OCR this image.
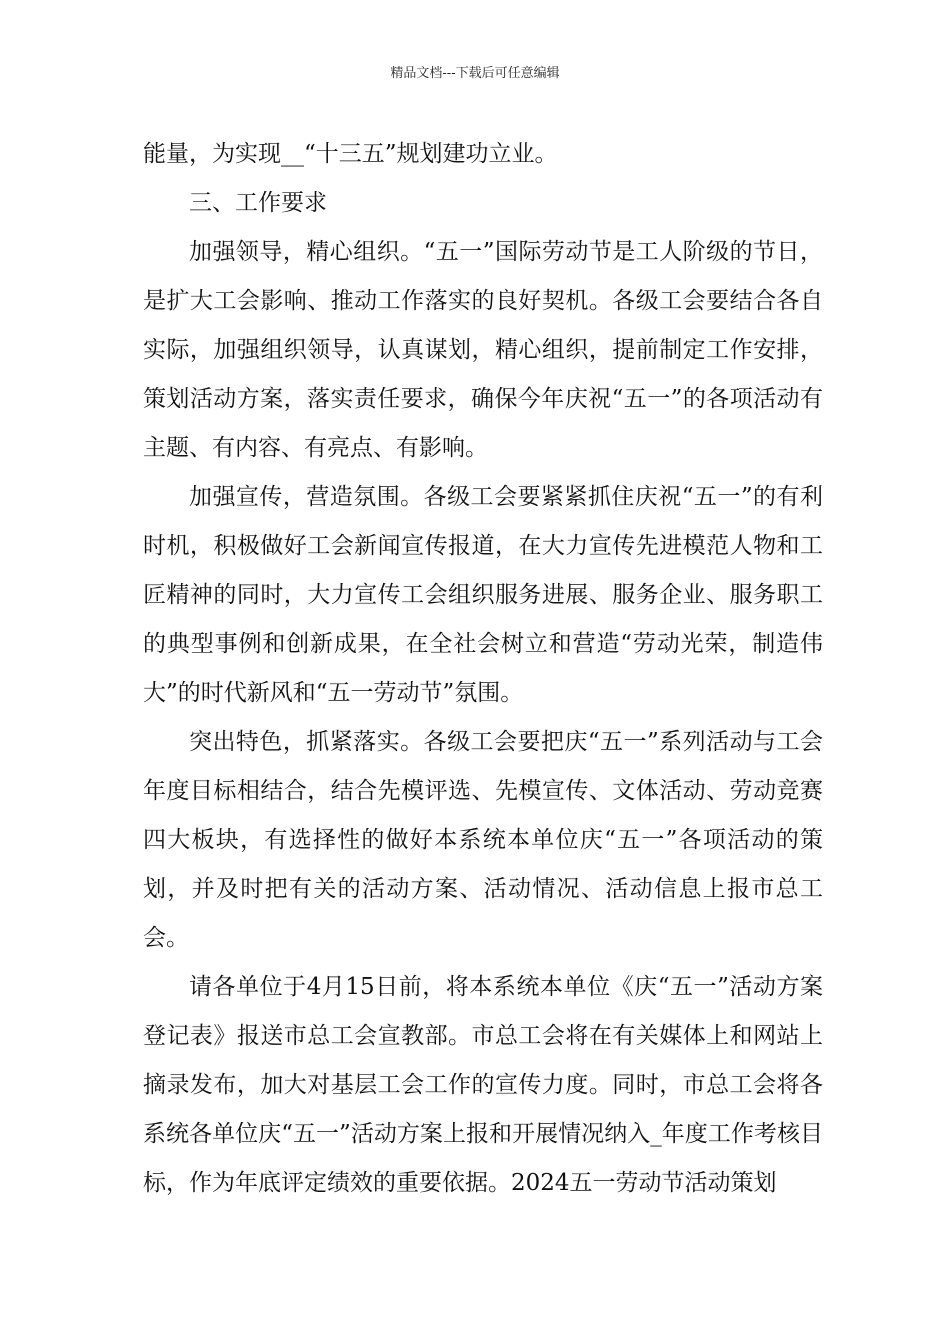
精品文档---下载后可任意编辑

能量，为实现__“十三五”规划建功立业。

三、工作要求

加强领导，精心组织。“五一”国际劳动节是工人阶级的节日，是扩大工会影响、推动工作落实的良好契机。各级工会要结合各自实际，加强组织领导，认真谋划，精心组织，提前制定工作安排，策划活动方案，落实责任要求，确保今年庆祝“五一”的各项活动有主题、有内容、有亮点、有影响。

加强宣传，营造氛围。各级工会要紧紧抓住庆祝“五一”的有利时机，积极做好工会新闻宣传报道，在大力宣传先进模范人物和工匠精神的同时，大力宣传工会组织服务进展、服务企业、服务职工的典型事例和创新成果，在全社会树立和营造“劳动光荣，制造伟大”的时代新风和“五一劳动节”氛围。

突出特色，抓紧落实。各级工会要把庆“五一”系列活动与工会年度目标相结合，结合先模评选、先模宣传、文体活动、劳动竞赛四大板块，有选择性的做好本系统本单位庆“五一”各项活动的策划，并及时把有关的活动方案、活动情况、活动信息上报市总工会。

请各单位于4月15日前，将本系统本单位《庆“五一”活动方案登记表》报送市总工会宣教部。市总工会将在有关媒体上和网站上摘录发布，加大对基层工会工作的宣传力度。同时，市总工会将各系统各单位庆“五一”活动方案上报和开展情况纳入_年度工作考核目标，作为年底评定绩效的重要依据。2024五一劳动节活动策划
